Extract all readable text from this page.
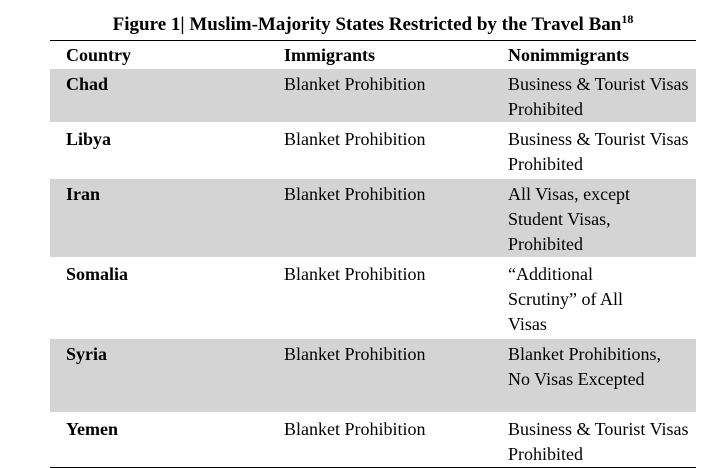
Figure 1| Muslim-Majority States Restricted by the Travel Ban$^{18}$
Country	Immigrants	Nonimmigrants
Chad	Blanket Prohibition	Business & Tourist Visas Prohibited
Libya	Blanket Prohibition	Business & Tourist Visas Prohibited
Iran	Blanket Prohibition	All Visas, except Student Visas, Prohibited
Somalia	Blanket Prohibition	“Additional Scrutiny” of All Visas
Syria	Blanket Prohibition	Blanket Prohibitions, No Visas Excepted
Yemen	Blanket Prohibition	Business & Tourist Visas Prohibited
